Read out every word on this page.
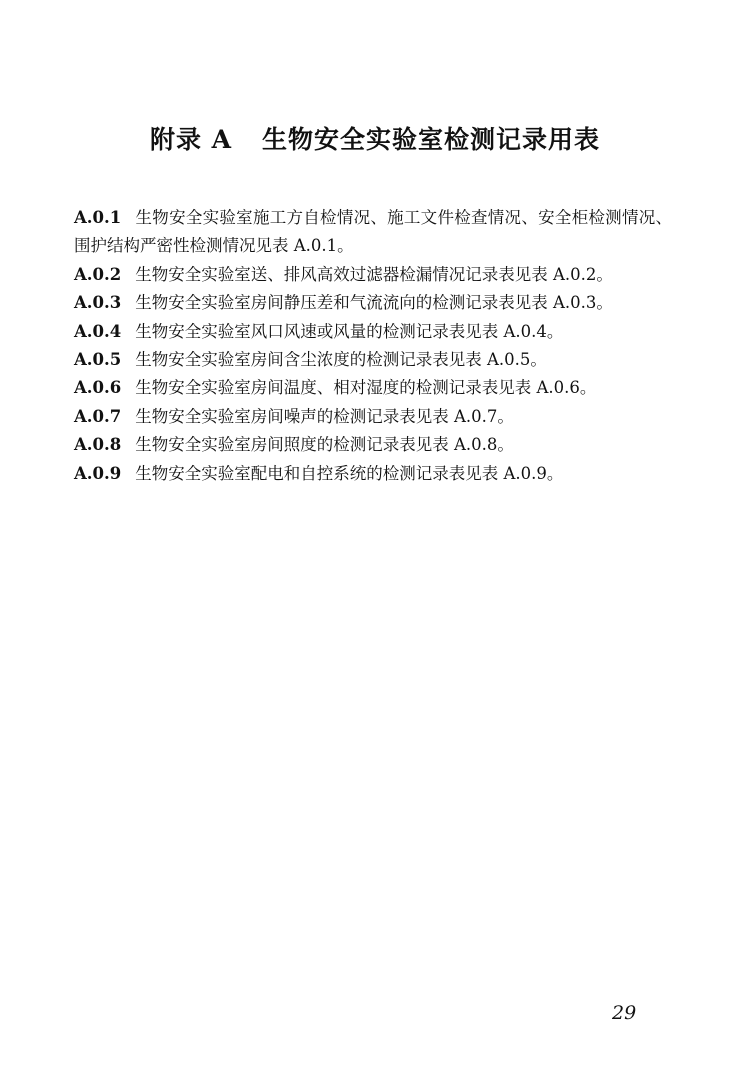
附录 A 生物安全实验室检测记录用表

A.0.1 生物安全实验室施工方自检情况、施工文件检查情况、安全柜检测情况、围护结构严密性检测情况见表 A.0.1。

A.0.2 生物安全实验室送、排风高效过滤器检漏情况记录表见表 A.0.2。

A.0.3 生物安全实验室房间静压差和气流流向的检测记录表见表 A.0.3。

A.0.4 生物安全实验室风口风速或风量的检测记录表见表 A.0.4。

A.0.5 生物安全实验室房间含尘浓度的检测记录表见表 A.0.5。

A.0.6 生物安全实验室房间温度、相对湿度的检测记录表见表 A.0.6。

A.0.7 生物安全实验室房间噪声的检测记录表见表 A.0.7。

A.0.8 生物安全实验室房间照度的检测记录表见表 A.0.8。

A.0.9 生物安全实验室配电和自控系统的检测记录表见表 A.0.9。

29
